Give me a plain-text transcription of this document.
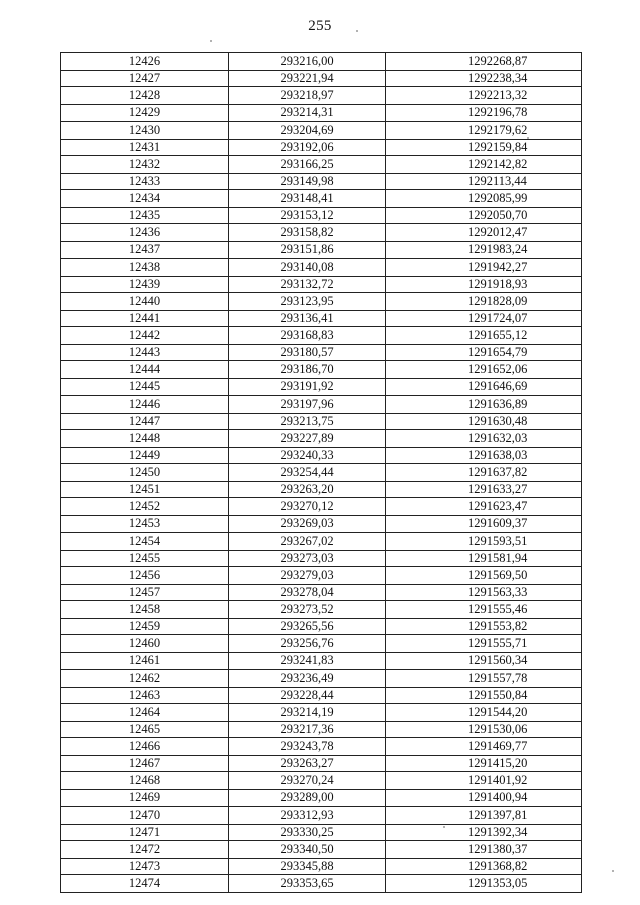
255
12426	293216,00	1292268,87
12427	293221,94	1292238,34
12428	293218,97	1292213,32
12429	293214,31	1292196,78
12430	293204,69	1292179,62
12431	293192,06	1292159,84
12432	293166,25	1292142,82
12433	293149,98	1292113,44
12434	293148,41	1292085,99
12435	293153,12	1292050,70
12436	293158,82	1292012,47
12437	293151,86	1291983,24
12438	293140,08	1291942,27
12439	293132,72	1291918,93
12440	293123,95	1291828,09
12441	293136,41	1291724,07
12442	293168,83	1291655,12
12443	293180,57	1291654,79
12444	293186,70	1291652,06
12445	293191,92	1291646,69
12446	293197,96	1291636,89
12447	293213,75	1291630,48
12448	293227,89	1291632,03
12449	293240,33	1291638,03
12450	293254,44	1291637,82
12451	293263,20	1291633,27
12452	293270,12	1291623,47
12453	293269,03	1291609,37
12454	293267,02	1291593,51
12455	293273,03	1291581,94
12456	293279,03	1291569,50
12457	293278,04	1291563,33
12458	293273,52	1291555,46
12459	293265,56	1291553,82
12460	293256,76	1291555,71
12461	293241,83	1291560,34
12462	293236,49	1291557,78
12463	293228,44	1291550,84
12464	293214,19	1291544,20
12465	293217,36	1291530,06
12466	293243,78	1291469,77
12467	293263,27	1291415,20
12468	293270,24	1291401,92
12469	293289,00	1291400,94
12470	293312,93	1291397,81
12471	293330,25	1291392,34
12472	293340,50	1291380,37
12473	293345,88	1291368,82
12474	293353,65	1291353,05
